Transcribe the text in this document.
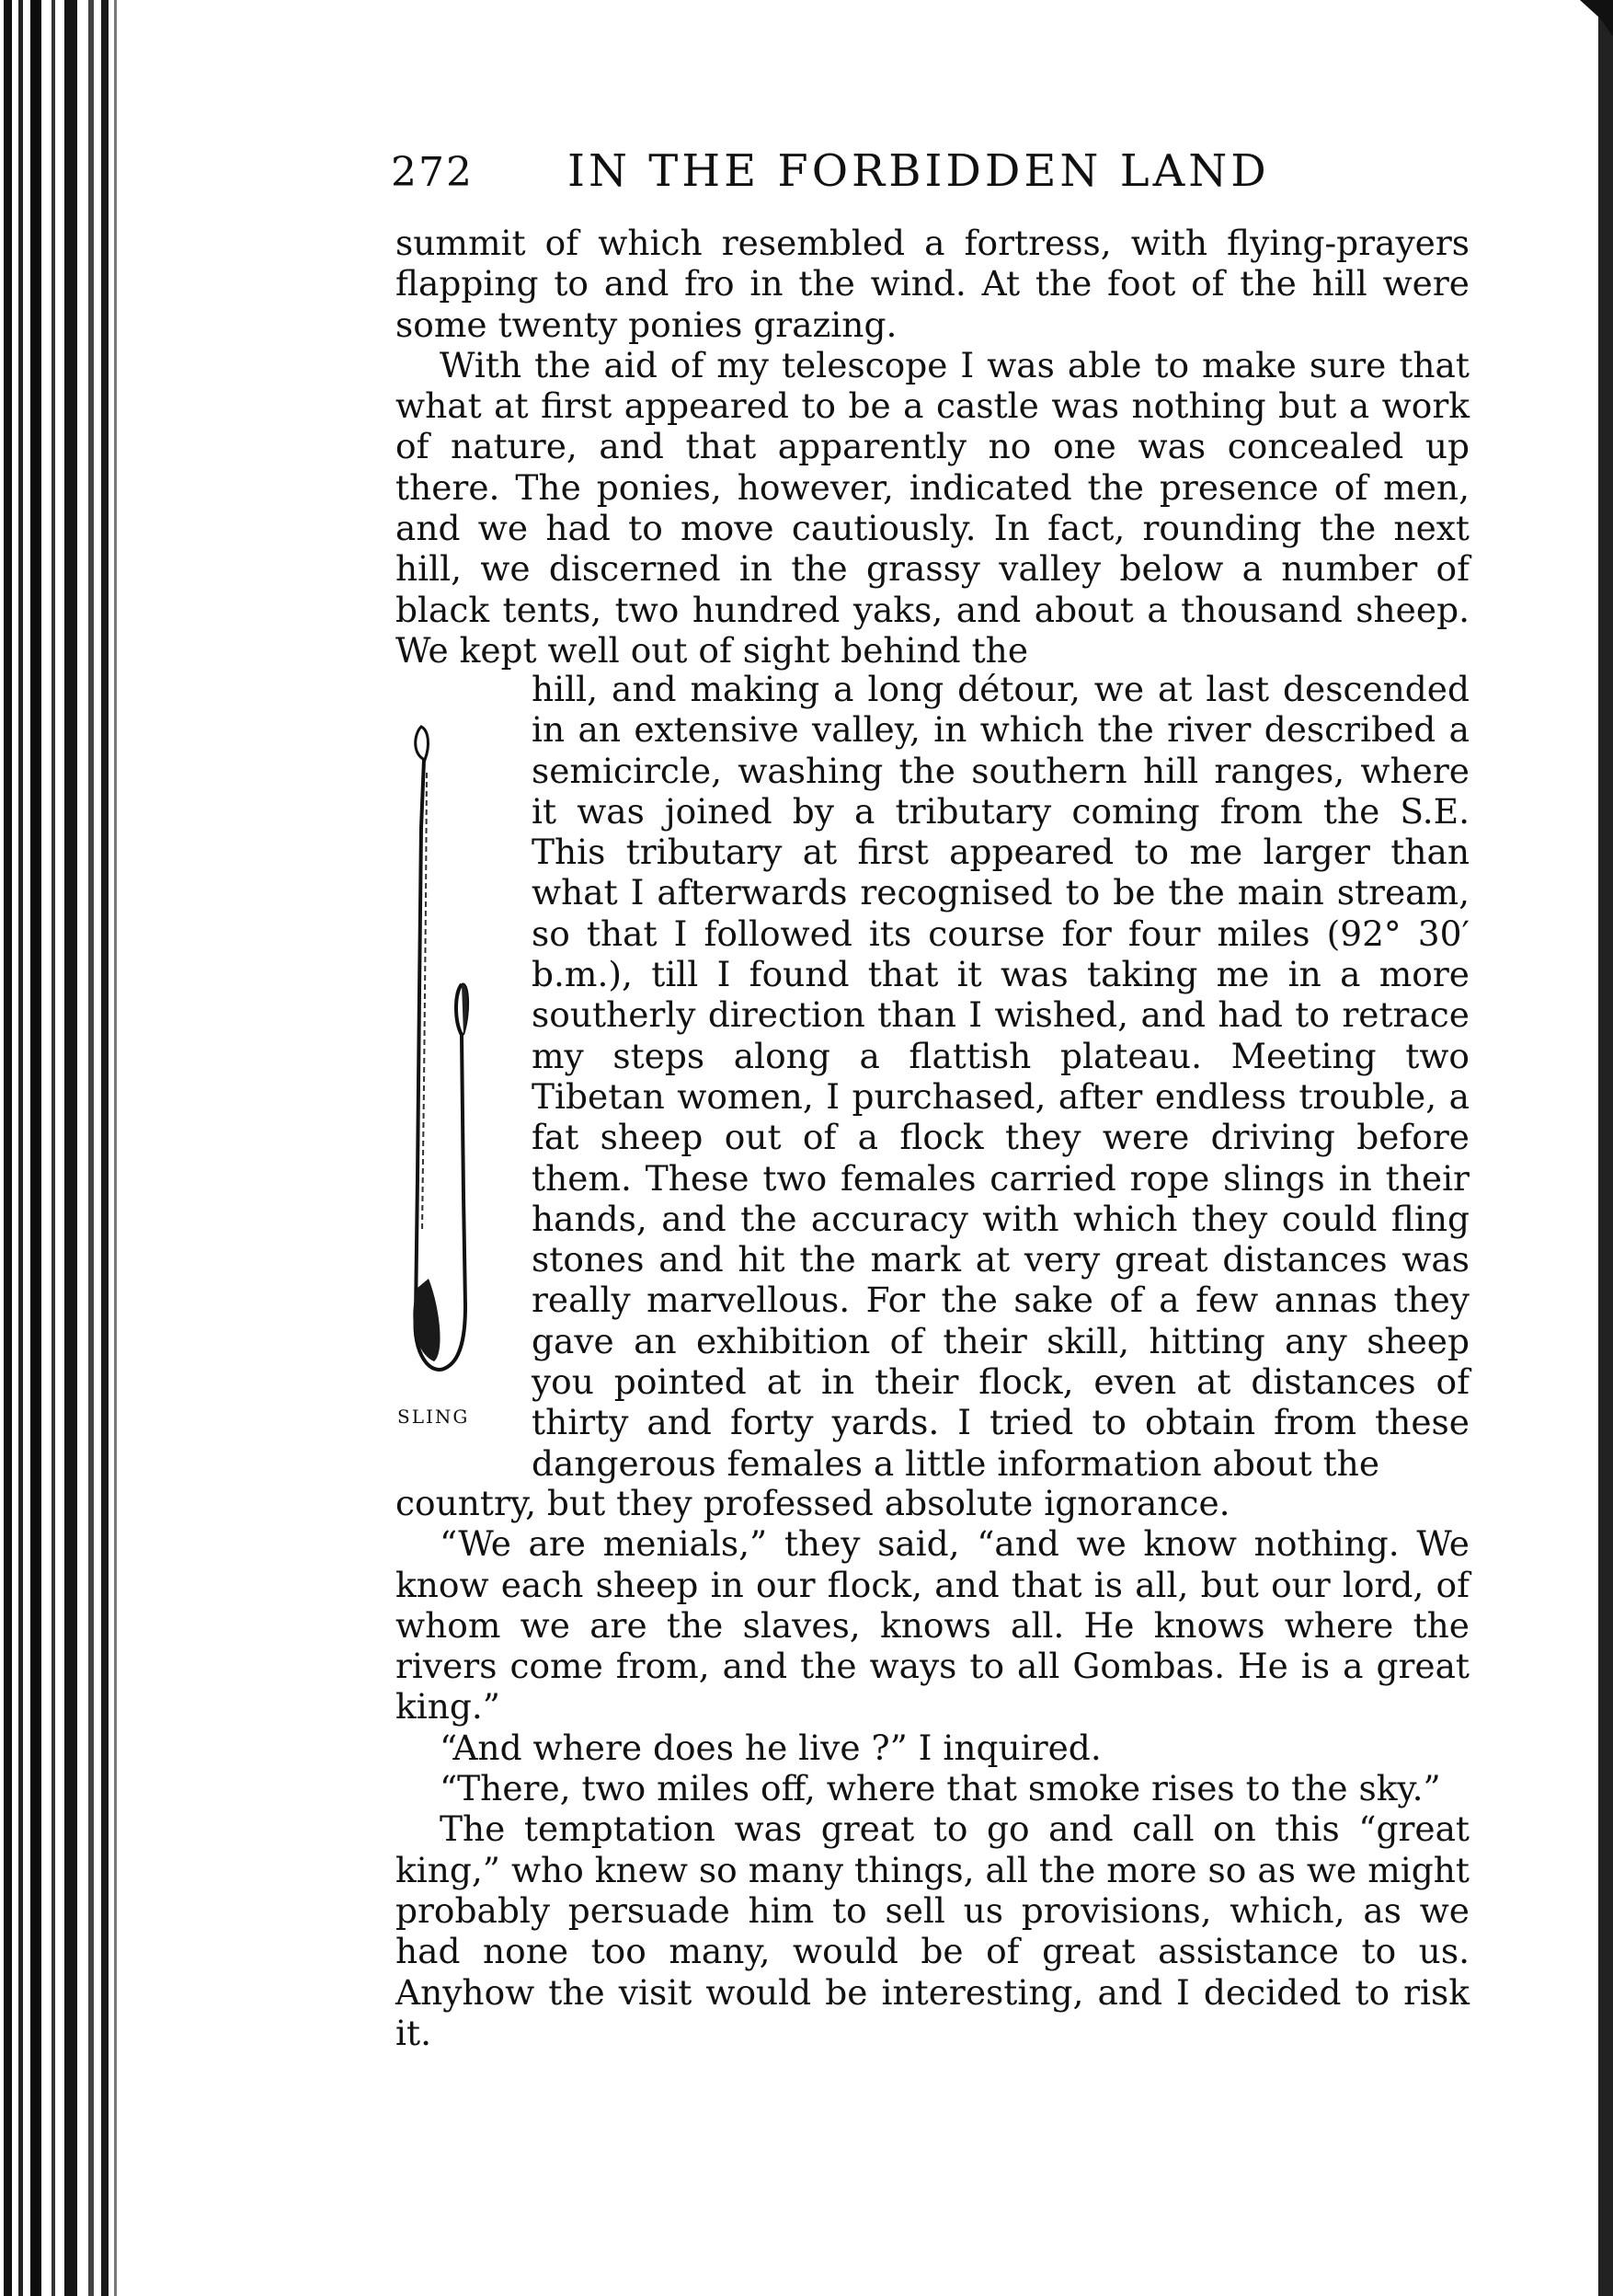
272 IN THE FORBIDDEN LAND

summit of which resembled a fortress, with flying-prayers flapping to and fro in the wind. At the foot of the hill were some twenty ponies grazing.

With the aid of my telescope I was able to make sure that what at first appeared to be a castle was nothing but a work of nature, and that apparently no one was concealed up there. The ponies, however, indicated the presence of men, and we had to move cautiously. In fact, rounding the next hill, we discerned in the grassy valley below a number of black tents, two hundred yaks, and about a thousand sheep. We kept well out of sight behind the

SLING

hill, and making a long détour, we at last descended in an extensive valley, in which the river described a semicircle, washing the southern hill ranges, where it was joined by a tributary coming from the S.E. This tributary at first appeared to me larger than what I afterwards recognised to be the main stream, so that I followed its course for four miles (92° 30′ b.m.), till I found that it was taking me in a more southerly direction than I wished, and had to retrace my steps along a flattish plateau. Meeting two Tibetan women, I purchased, after endless trouble, a fat sheep out of a flock they were driving before them. These two females carried rope slings in their hands, and the accuracy with which they could fling stones and hit the mark at very great distances was really marvellous. For the sake of a few annas they gave an exhibition of their skill, hitting any sheep you pointed at in their flock, even at distances of thirty and forty yards. I tried to obtain from these dangerous females a little information about the

country, but they professed absolute ignorance.

“We are menials,” they said, “and we know nothing. We know each sheep in our flock, and that is all, but our lord, of whom we are the slaves, knows all. He knows where the rivers come from, and the ways to all Gombas. He is a great king.”

“And where does he live ?” I inquired.

“There, two miles off, where that smoke rises to the sky.”

The temptation was great to go and call on this “great king,” who knew so many things, all the more so as we might probably persuade him to sell us provisions, which, as we had none too many, would be of great assistance to us. Anyhow the visit would be interesting, and I decided to risk it.
